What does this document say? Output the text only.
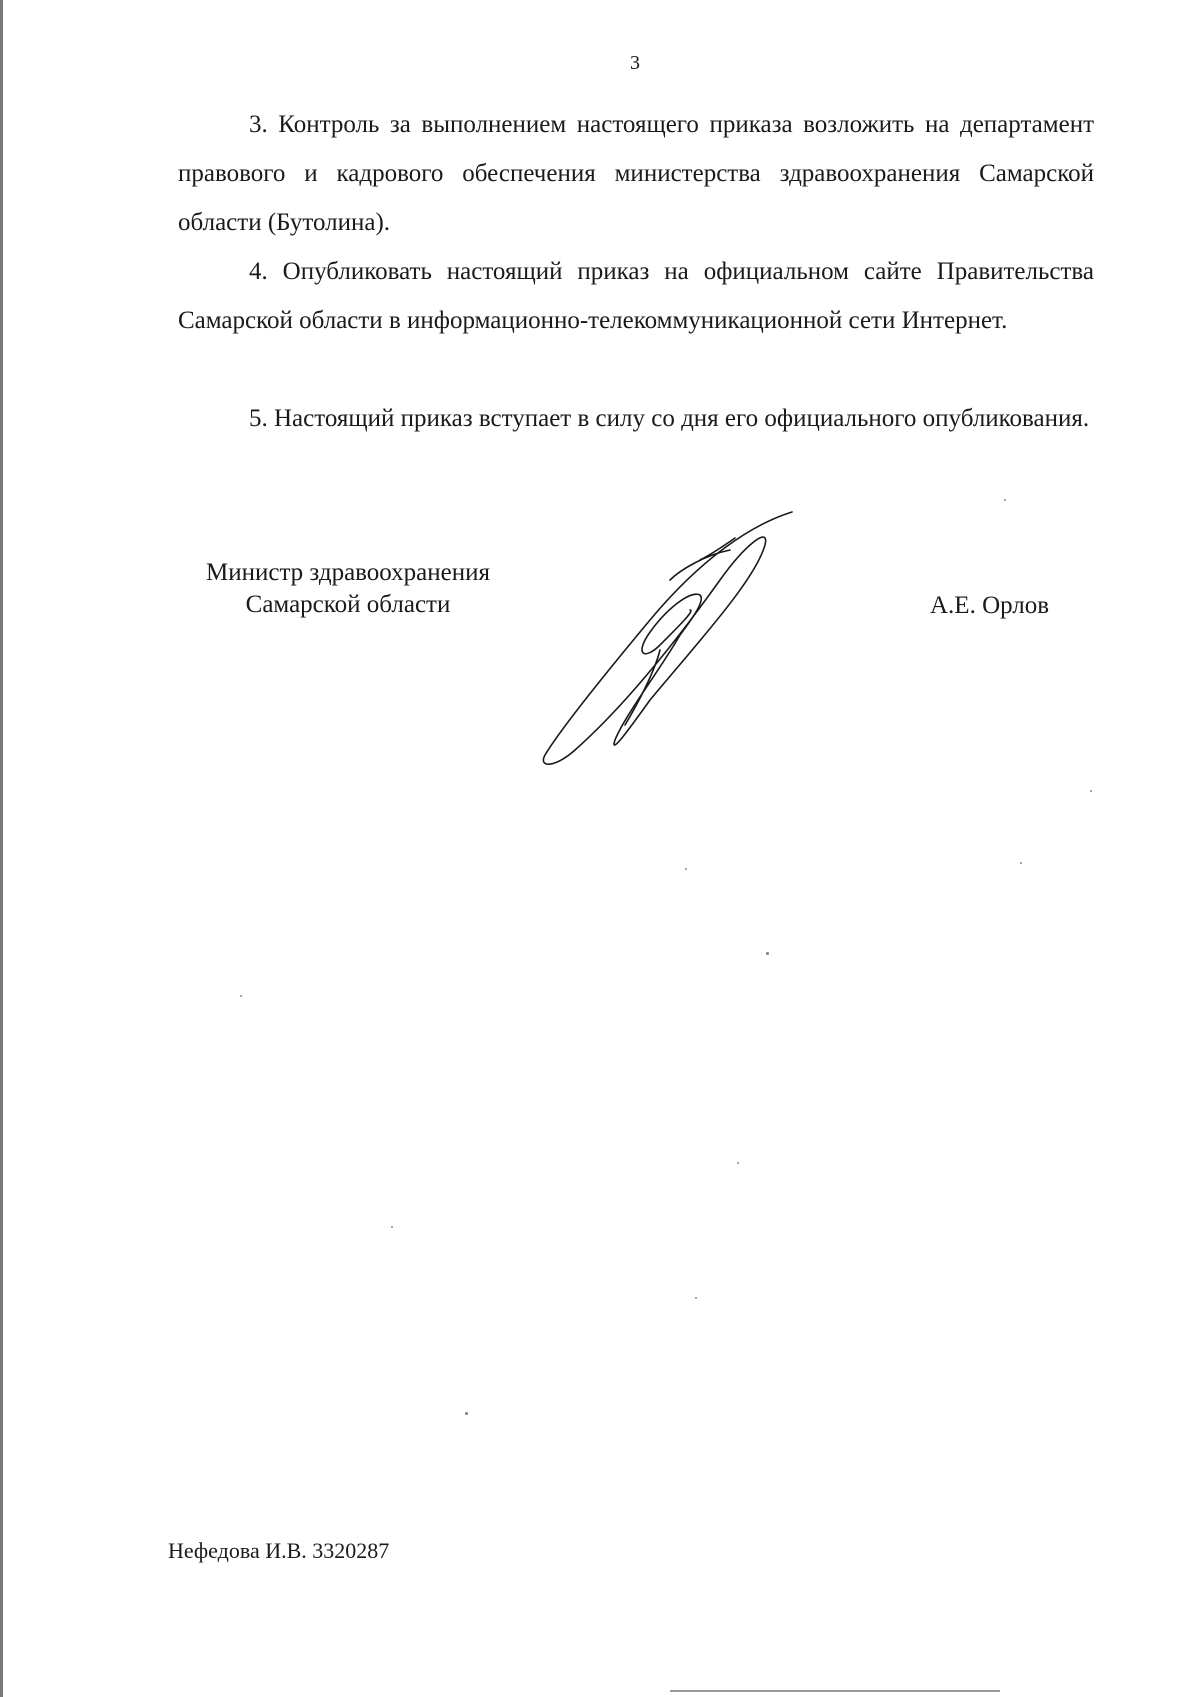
3

3. Контроль за выполнением настоящего приказа возложить на департамент правового и кадрового обеспечения министерства здравоохранения Самарской области (Бутолина).

4. Опубликовать настоящий приказ на официальном сайте Правительства Самарской области в информационно-телекоммуникационной сети Интернет.

5. Настоящий приказ вступает в силу со дня его официального опубликования.

Министр здравоохранения
Самарской области	А.Е. Орлов
Нефедова И.В. 3320287
